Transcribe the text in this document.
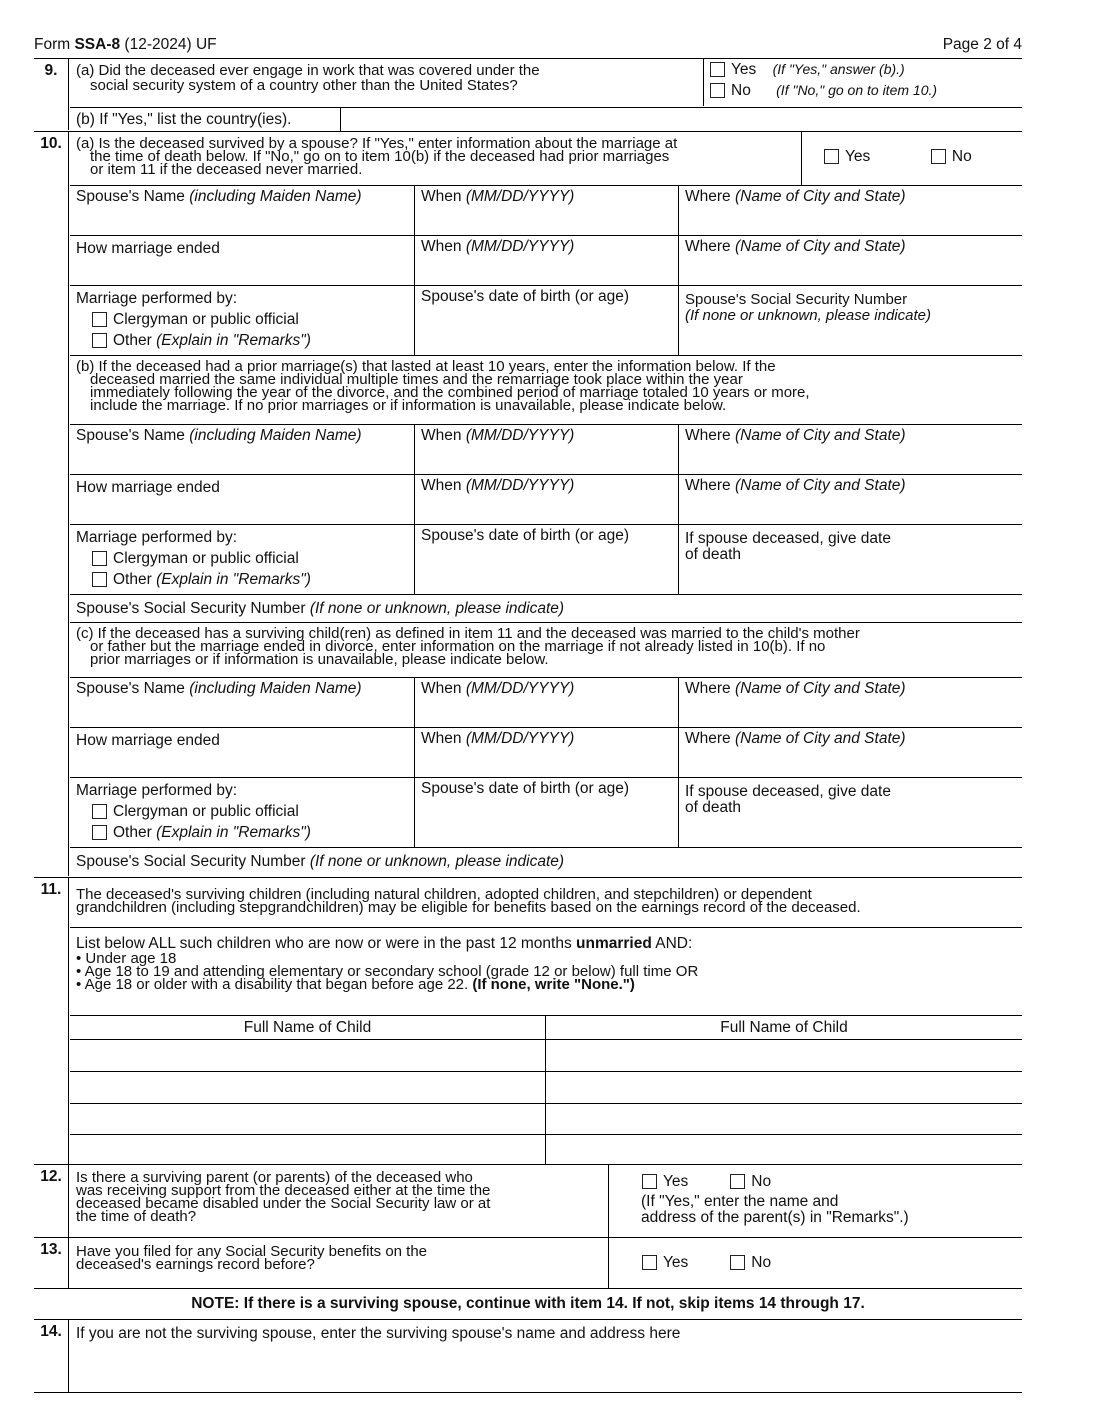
Form SSA-8 (12-2024) UF	Page 2 of 4
9.	(a) Did the deceased ever engage in work that was covered under the
social security system of a country other than the United States?
Yes (If "Yes," answer (b).)
No (If "No," go on to item 10.)
(b) If "Yes," list the country(ies).
10. (a) Is the deceased survived by a spouse? If "Yes," enter information about the marriage at
the time of death below. If "No," go on to item 10(b) if the deceased had prior marriages
or item 11 if the deceased never married.
Yes	No
Spouse's Name (including Maiden Name)	When (MM/DD/YYYY)	Where (Name of City and State)
How marriage ended	When (MM/DD/YYYY)	Where (Name of City and State)
Marriage performed by:
Clergyman or public official
Other (Explain in "Remarks")
Spouse's date of birth (or age)	Spouse's Social Security Number
(If none or unknown, please indicate)
(b) If the deceased had a prior marriage(s) that lasted at least 10 years, enter the information below. If the
deceased married the same individual multiple times and the remarriage took place within the year
immediately following the year of the divorce, and the combined period of marriage totaled 10 years or more,
include the marriage. If no prior marriages or if information is unavailable, please indicate below.
Spouse's Name (including Maiden Name)	When (MM/DD/YYYY)	Where (Name of City and State)
How marriage ended	When (MM/DD/YYYY)	Where (Name of City and State)
Marriage performed by:
Clergyman or public official
Other (Explain in "Remarks")
Spouse's date of birth (or age)	If spouse deceased, give date
of death
Spouse's Social Security Number (If none or unknown, please indicate)
(c) If the deceased has a surviving child(ren) as defined in item 11 and the deceased was married to the child's mother
or father but the marriage ended in divorce, enter information on the marriage if not already listed in 10(b). If no
prior marriages or if information is unavailable, please indicate below.
Spouse's Name (including Maiden Name)	When (MM/DD/YYYY)	Where (Name of City and State)
How marriage ended	When (MM/DD/YYYY)	Where (Name of City and State)
Marriage performed by:
Clergyman or public official
Other (Explain in "Remarks")
Spouse's date of birth (or age)	If spouse deceased, give date
of death
Spouse's Social Security Number (If none or unknown, please indicate)
11. The deceased's surviving children (including natural children, adopted children, and stepchildren) or dependent
grandchildren (including stepgrandchildren) may be eligible for benefits based on the earnings record of the deceased.
List below ALL such children who are now or were in the past 12 months unmarried AND:
• Under age 18
• Age 18 to 19 and attending elementary or secondary school (grade 12 or below) full time OR
• Age 18 or older with a disability that began before age 22. (If none, write "None.")
Full Name of Child	Full Name of Child
12. Is there a surviving parent (or parents) of the deceased who
was receiving support from the deceased either at the time the
deceased became disabled under the Social Security law or at
the time of death?
Yes	No
(If "Yes," enter the name and
address of the parent(s) in "Remarks".)
13. Have you filed for any Social Security benefits on the
deceased's earnings record before?	Yes	No
NOTE: If there is a surviving spouse, continue with item 14. If not, skip items 14 through 17.
14. If you are not the surviving spouse, enter the surviving spouse's name and address here
